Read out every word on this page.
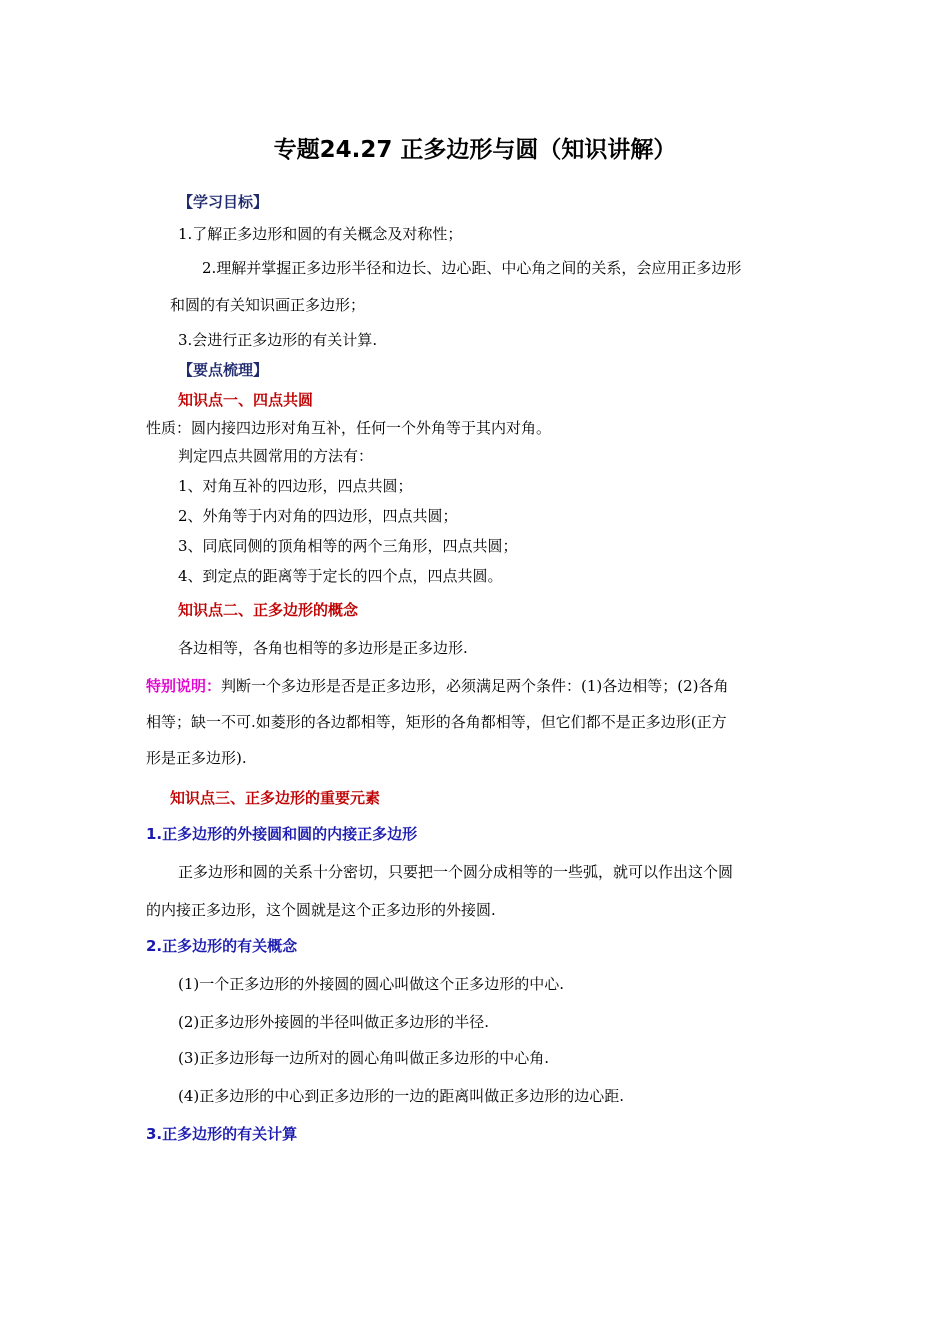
专题24.27 正多边形与圆（知识讲解）
【学习目标】
1.了解正多边形和圆的有关概念及对称性；
2.理解并掌握正多边形半径和边长、边心距、中心角之间的关系，会应用正多边形
和圆的有关知识画正多边形；
3.会进行正多边形的有关计算.
【要点梳理】
知识点一、四点共圆
性质：圆内接四边形对角互补，任何一个外角等于其内对角。
判定四点共圆常用的方法有：
1、对角互补的四边形，四点共圆；
2、外角等于内对角的四边形，四点共圆；
3、同底同侧的顶角相等的两个三角形，四点共圆；
4、到定点的距离等于定长的四个点，四点共圆。
知识点二、正多边形的概念
各边相等，各角也相等的多边形是正多边形.
特别说明：判断一个多边形是否是正多边形，必须满足两个条件：(1)各边相等；(2)各角
相等；缺一不可.如菱形的各边都相等，矩形的各角都相等，但它们都不是正多边形(正方
形是正多边形).
知识点三、正多边形的重要元素
1.正多边形的外接圆和圆的内接正多边形
正多边形和圆的关系十分密切，只要把一个圆分成相等的一些弧，就可以作出这个圆
的内接正多边形，这个圆就是这个正多边形的外接圆.
2.正多边形的有关概念
(1)一个正多边形的外接圆的圆心叫做这个正多边形的中心.
(2)正多边形外接圆的半径叫做正多边形的半径.
(3)正多边形每一边所对的圆心角叫做正多边形的中心角.
(4)正多边形的中心到正多边形的一边的距离叫做正多边形的边心距.
3.正多边形的有关计算
